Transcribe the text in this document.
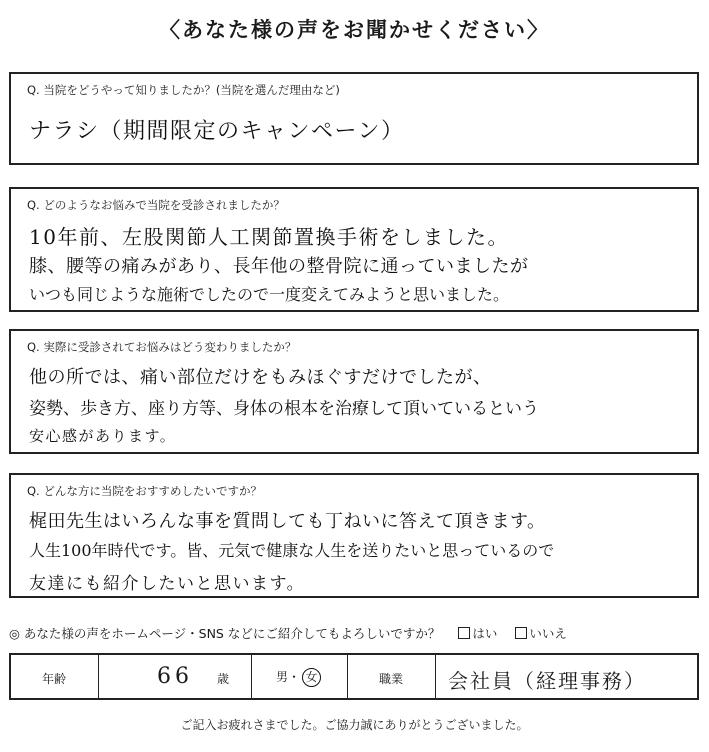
〈あなた様の声をお聞かせください〉
Q. 当院をどうやって知りましたか？(当院を選んだ理由など)
ナラシ（期間限定のキャンペーン）
Q. どのようなお悩みで当院を受診されましたか？
10年前、左股関節人工関節置換手術をしました。
膝、腰等の痛みがあり、長年他の整骨院に通っていましたが
いつも同じような施術でしたので一度変えてみようと思いました。
Q. 実際に受診されてお悩みはどう変わりましたか？
他の所では、痛い部位だけをもみほぐすだけでしたが、
姿勢、歩き方、座り方等、身体の根本を治療して頂いているという
安心感があります。
Q. どんな方に当院をおすすめしたいですか？
梶田先生はいろんな事を質問しても丁ねいに答えて頂きます。
人生100年時代です。皆、元気で健康な人生を送りたいと思っているので
友達にも紹介したいと思います。
◎ あなた様の声をホームページ・SNS などにご紹介してもよろしいですか？	はい	いいえ
年齢	66 歳	男・ 女	職業 会社員（経理事務）
ご記入お疲れさまでした。ご協力誠にありがとうございました。
